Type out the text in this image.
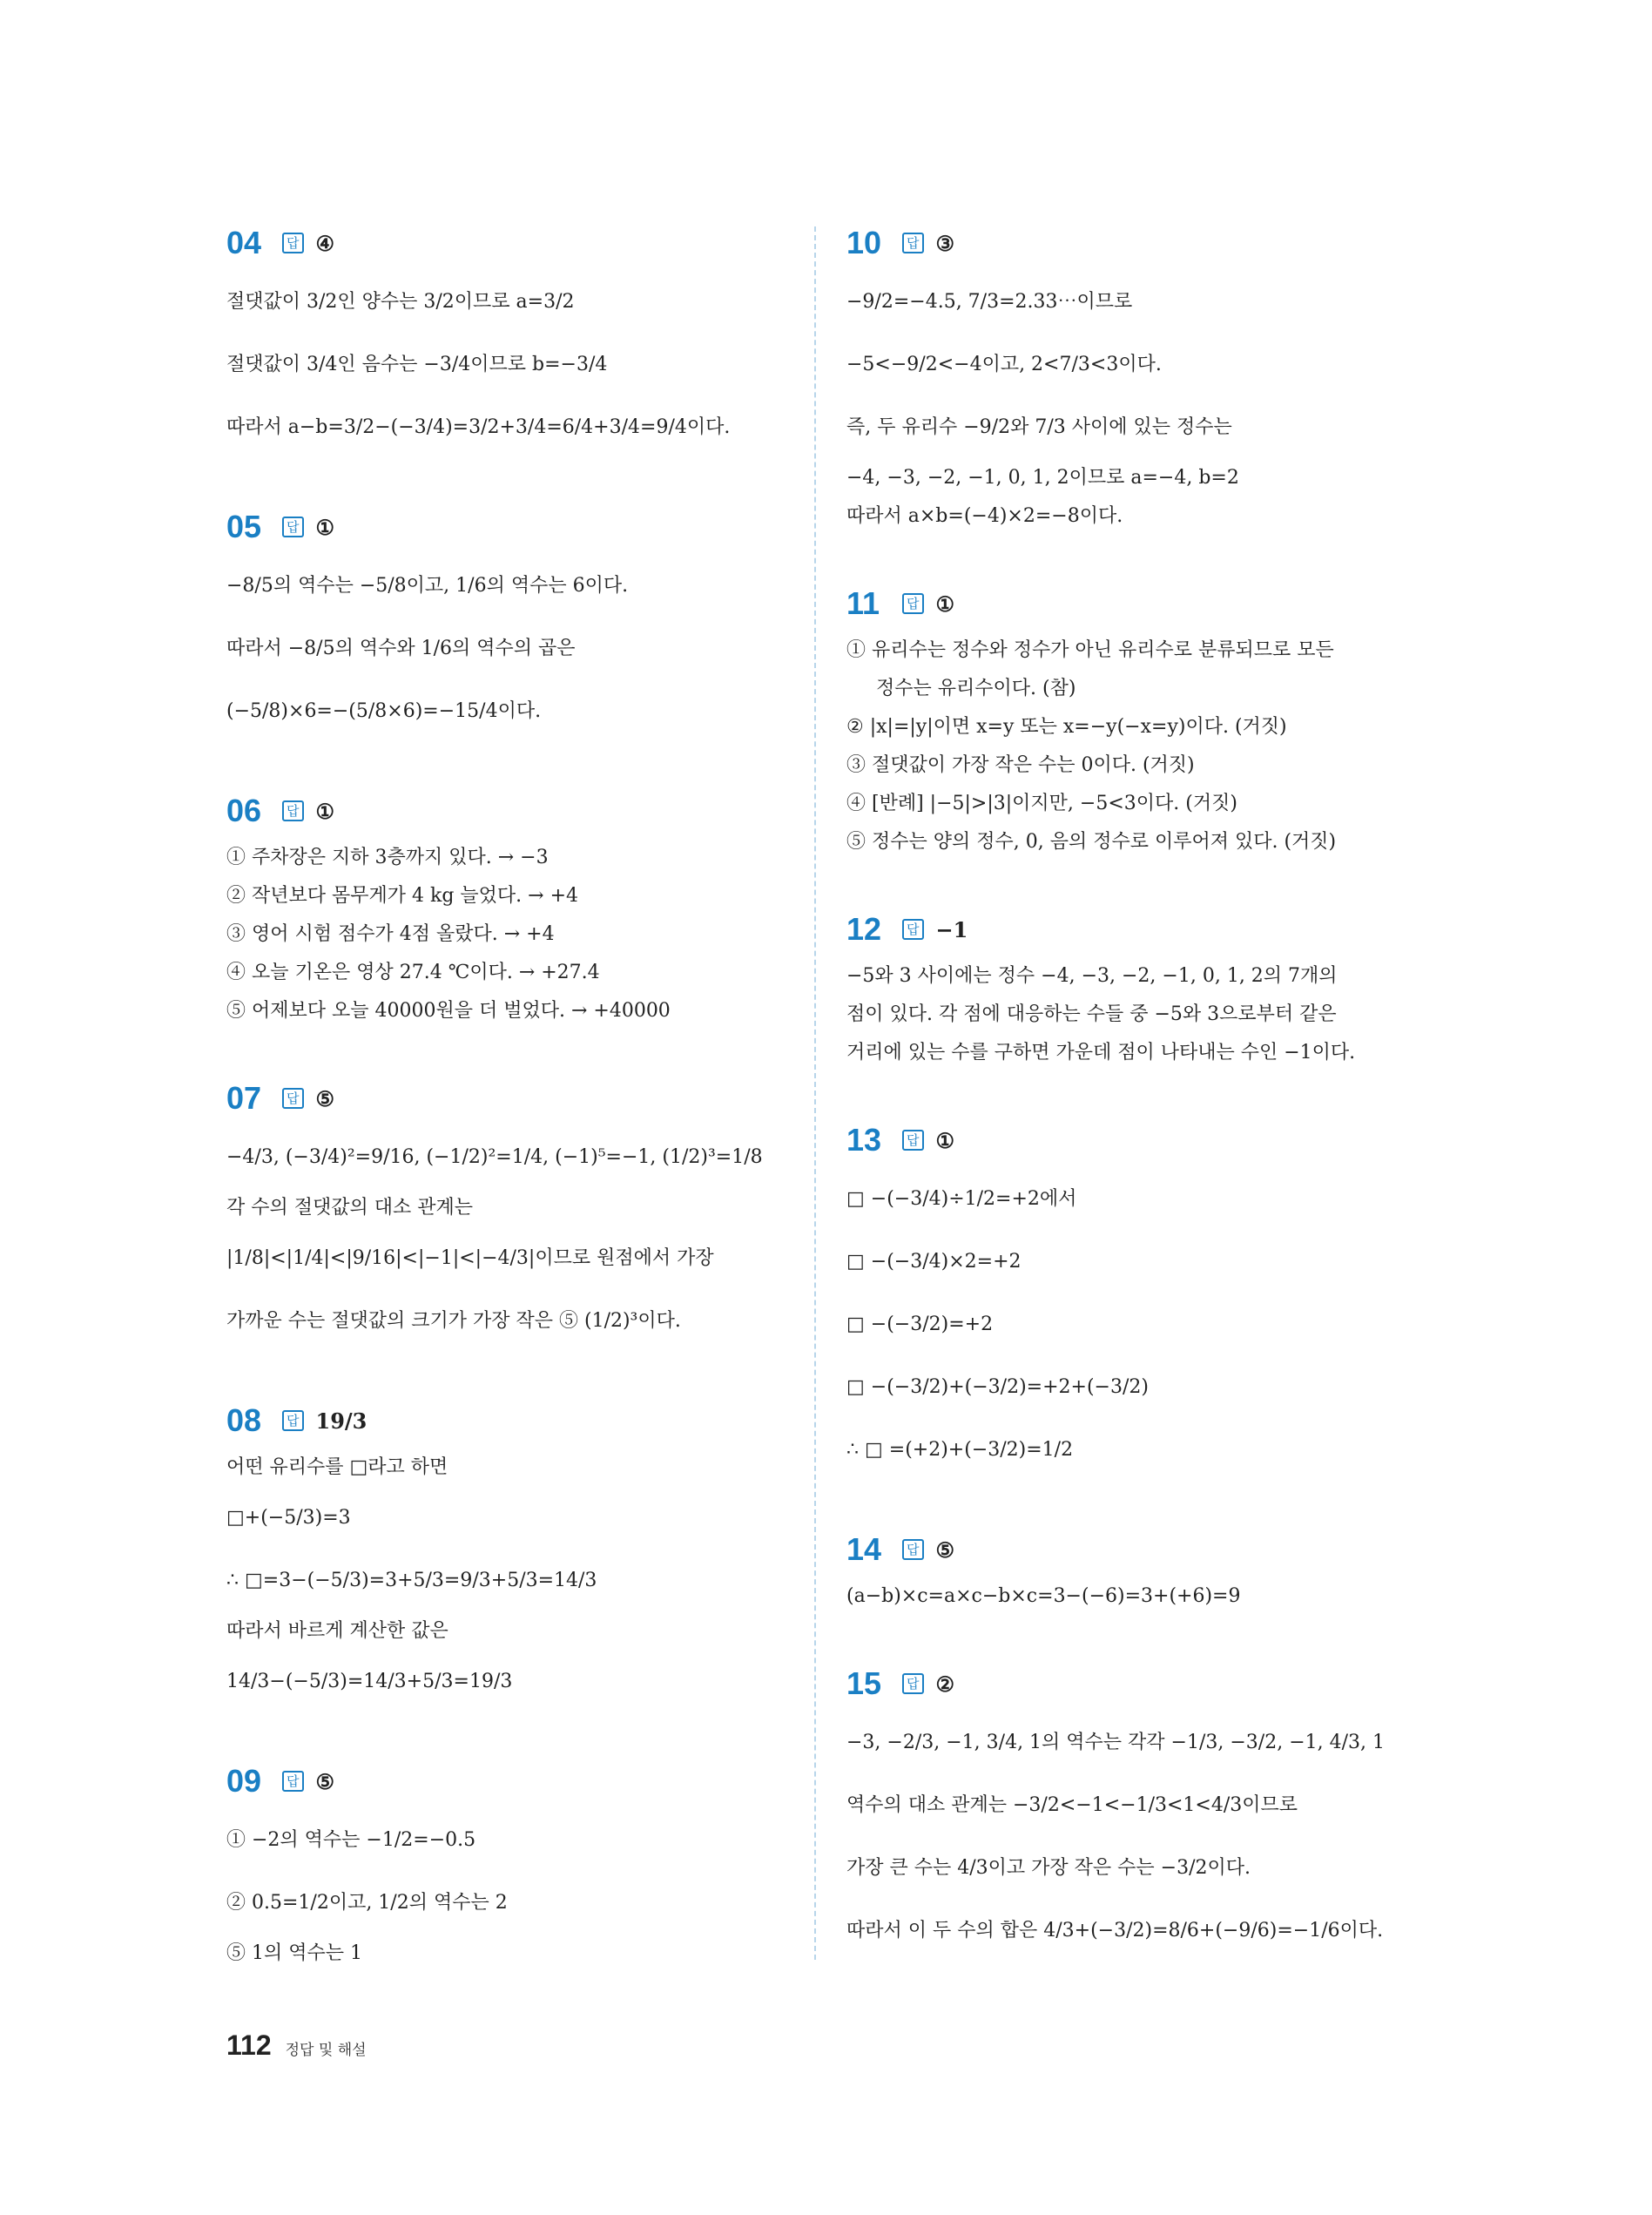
04	답 ④
절댓값이 3/2인 양수는 3/2이므로 a=3/2
절댓값이 3/4인 음수는 −3/4이므로 b=−3/4
따라서 a−b=3/2−(−3/4)=3/2+3/4=6/4+3/4=9/4이다.
05	답 ①
−8/5의 역수는 −5/8이고, 1/6의 역수는 6이다.
따라서 −8/5의 역수와 1/6의 역수의 곱은
(−5/8)×6=−(5/8×6)=−15/4이다.
06	답 ①
① 주차장은 지하 3층까지 있다. → −3
② 작년보다 몸무게가 4 kg 늘었다. → +4
③ 영어 시험 점수가 4점 올랐다. → +4
④ 오늘 기온은 영상 27.4 ℃이다. → +27.4
⑤ 어제보다 오늘 40000원을 더 벌었다. → +40000
07	답 ⑤
−4/3, (−3/4)²=9/16, (−1/2)²=1/4, (−1)⁵=−1, (1/2)³=1/8
각 수의 절댓값의 대소 관계는
|1/8|<|1/4|<|9/16|<|−1|<|−4/3|이므로 원점에서 가장
가까운 수는 절댓값의 크기가 가장 작은 ⑤ (1/2)³이다.
08	답 19/3
어떤 유리수를 □라고 하면
□+(−5/3)=3
∴ □=3−(−5/3)=3+5/3=9/3+5/3=14/3
따라서 바르게 계산한 값은
14/3−(−5/3)=14/3+5/3=19/3
09	답 ⑤
① −2의 역수는 −1/2=−0.5
② 0.5=1/2이고, 1/2의 역수는 2
⑤ 1의 역수는 1
10	답 ③
−9/2=−4.5, 7/3=2.33⋯이므로
−5<−9/2<−4이고, 2<7/3<3이다.
즉, 두 유리수 −9/2와 7/3 사이에 있는 정수는
−4, −3, −2, −1, 0, 1, 2이므로 a=−4, b=2
따라서 a×b=(−4)×2=−8이다.
11	답 ①
① 유리수는 정수와 정수가 아닌 유리수로 분류되므로 모든
정수는 유리수이다. (참)
② |x|=|y|이면 x=y 또는 x=−y(−x=y)이다. (거짓)
③ 절댓값이 가장 작은 수는 0이다. (거짓)
④ [반례] |−5|>|3|이지만, −5<3이다. (거짓)
⑤ 정수는 양의 정수, 0, 음의 정수로 이루어져 있다. (거짓)
12	답 −1
−5와 3 사이에는 정수 −4, −3, −2, −1, 0, 1, 2의 7개의
점이 있다. 각 점에 대응하는 수들 중 −5와 3으로부터 같은
거리에 있는 수를 구하면 가운데 점이 나타내는 수인 −1이다.
13	답 ①
□ −(−3/4)÷1/2=+2에서
□ −(−3/4)×2=+2
□ −(−3/2)=+2
□ −(−3/2)+(−3/2)=+2+(−3/2)
∴ □ =(+2)+(−3/2)=1/2
14	답 ⑤
(a−b)×c=a×c−b×c=3−(−6)=3+(+6)=9
15	답 ②
−3, −2/3, −1, 3/4, 1의 역수는 각각 −1/3, −3/2, −1, 4/3, 1
역수의 대소 관계는 −3/2<−1<−1/3<1<4/3이므로
가장 큰 수는 4/3이고 가장 작은 수는 −3/2이다.
따라서 이 두 수의 합은 4/3+(−3/2)=8/6+(−9/6)=−1/6이다.
112 정답 및 해설
